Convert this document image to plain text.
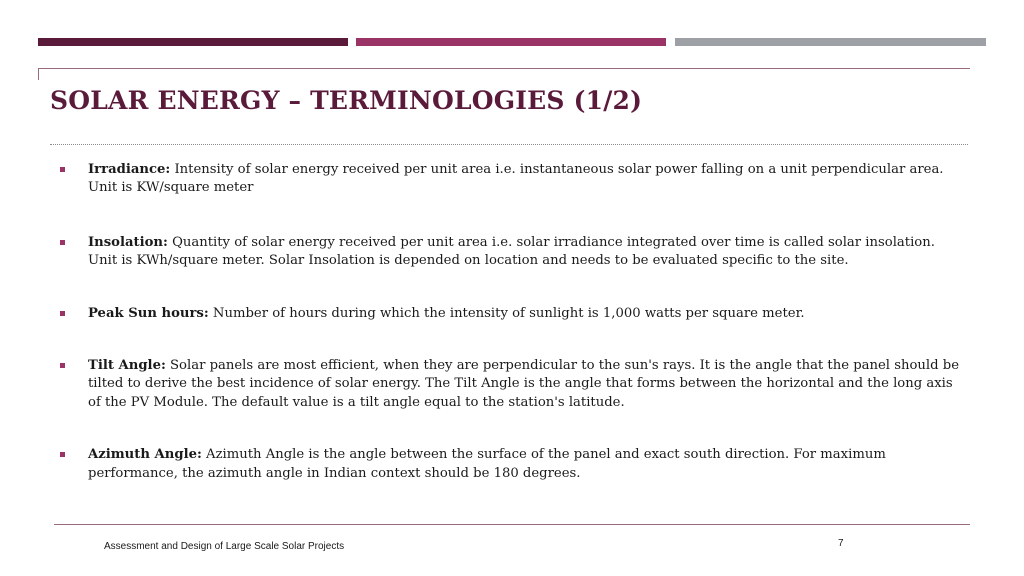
SOLAR ENERGY – TERMINOLOGIES (1/2)
Irradiance: Intensity of solar energy received per unit area i.e. instantaneous solar power falling on a unit perpendicular area. Unit is KW/square meter
Insolation: Quantity of solar energy received per unit area i.e. solar irradiance integrated over time is called solar insolation. Unit is KWh/square meter. Solar Insolation is depended on location and needs to be evaluated specific to the site.
Peak Sun hours: Number of hours during which the intensity of sunlight is 1,000 watts per square meter.
Tilt Angle: Solar panels are most efficient, when they are perpendicular to the sun's rays. It is the angle that the panel should be tilted to derive the best incidence of solar energy. The Tilt Angle is the angle that forms between the horizontal and the long axis of the PV Module. The default value is a tilt angle equal to the station's latitude.
Azimuth Angle: Azimuth Angle is the angle between the surface of the panel and exact south direction. For maximum performance, the azimuth angle in Indian context should be 180 degrees.
Assessment and Design of Large Scale Solar Projects	7
